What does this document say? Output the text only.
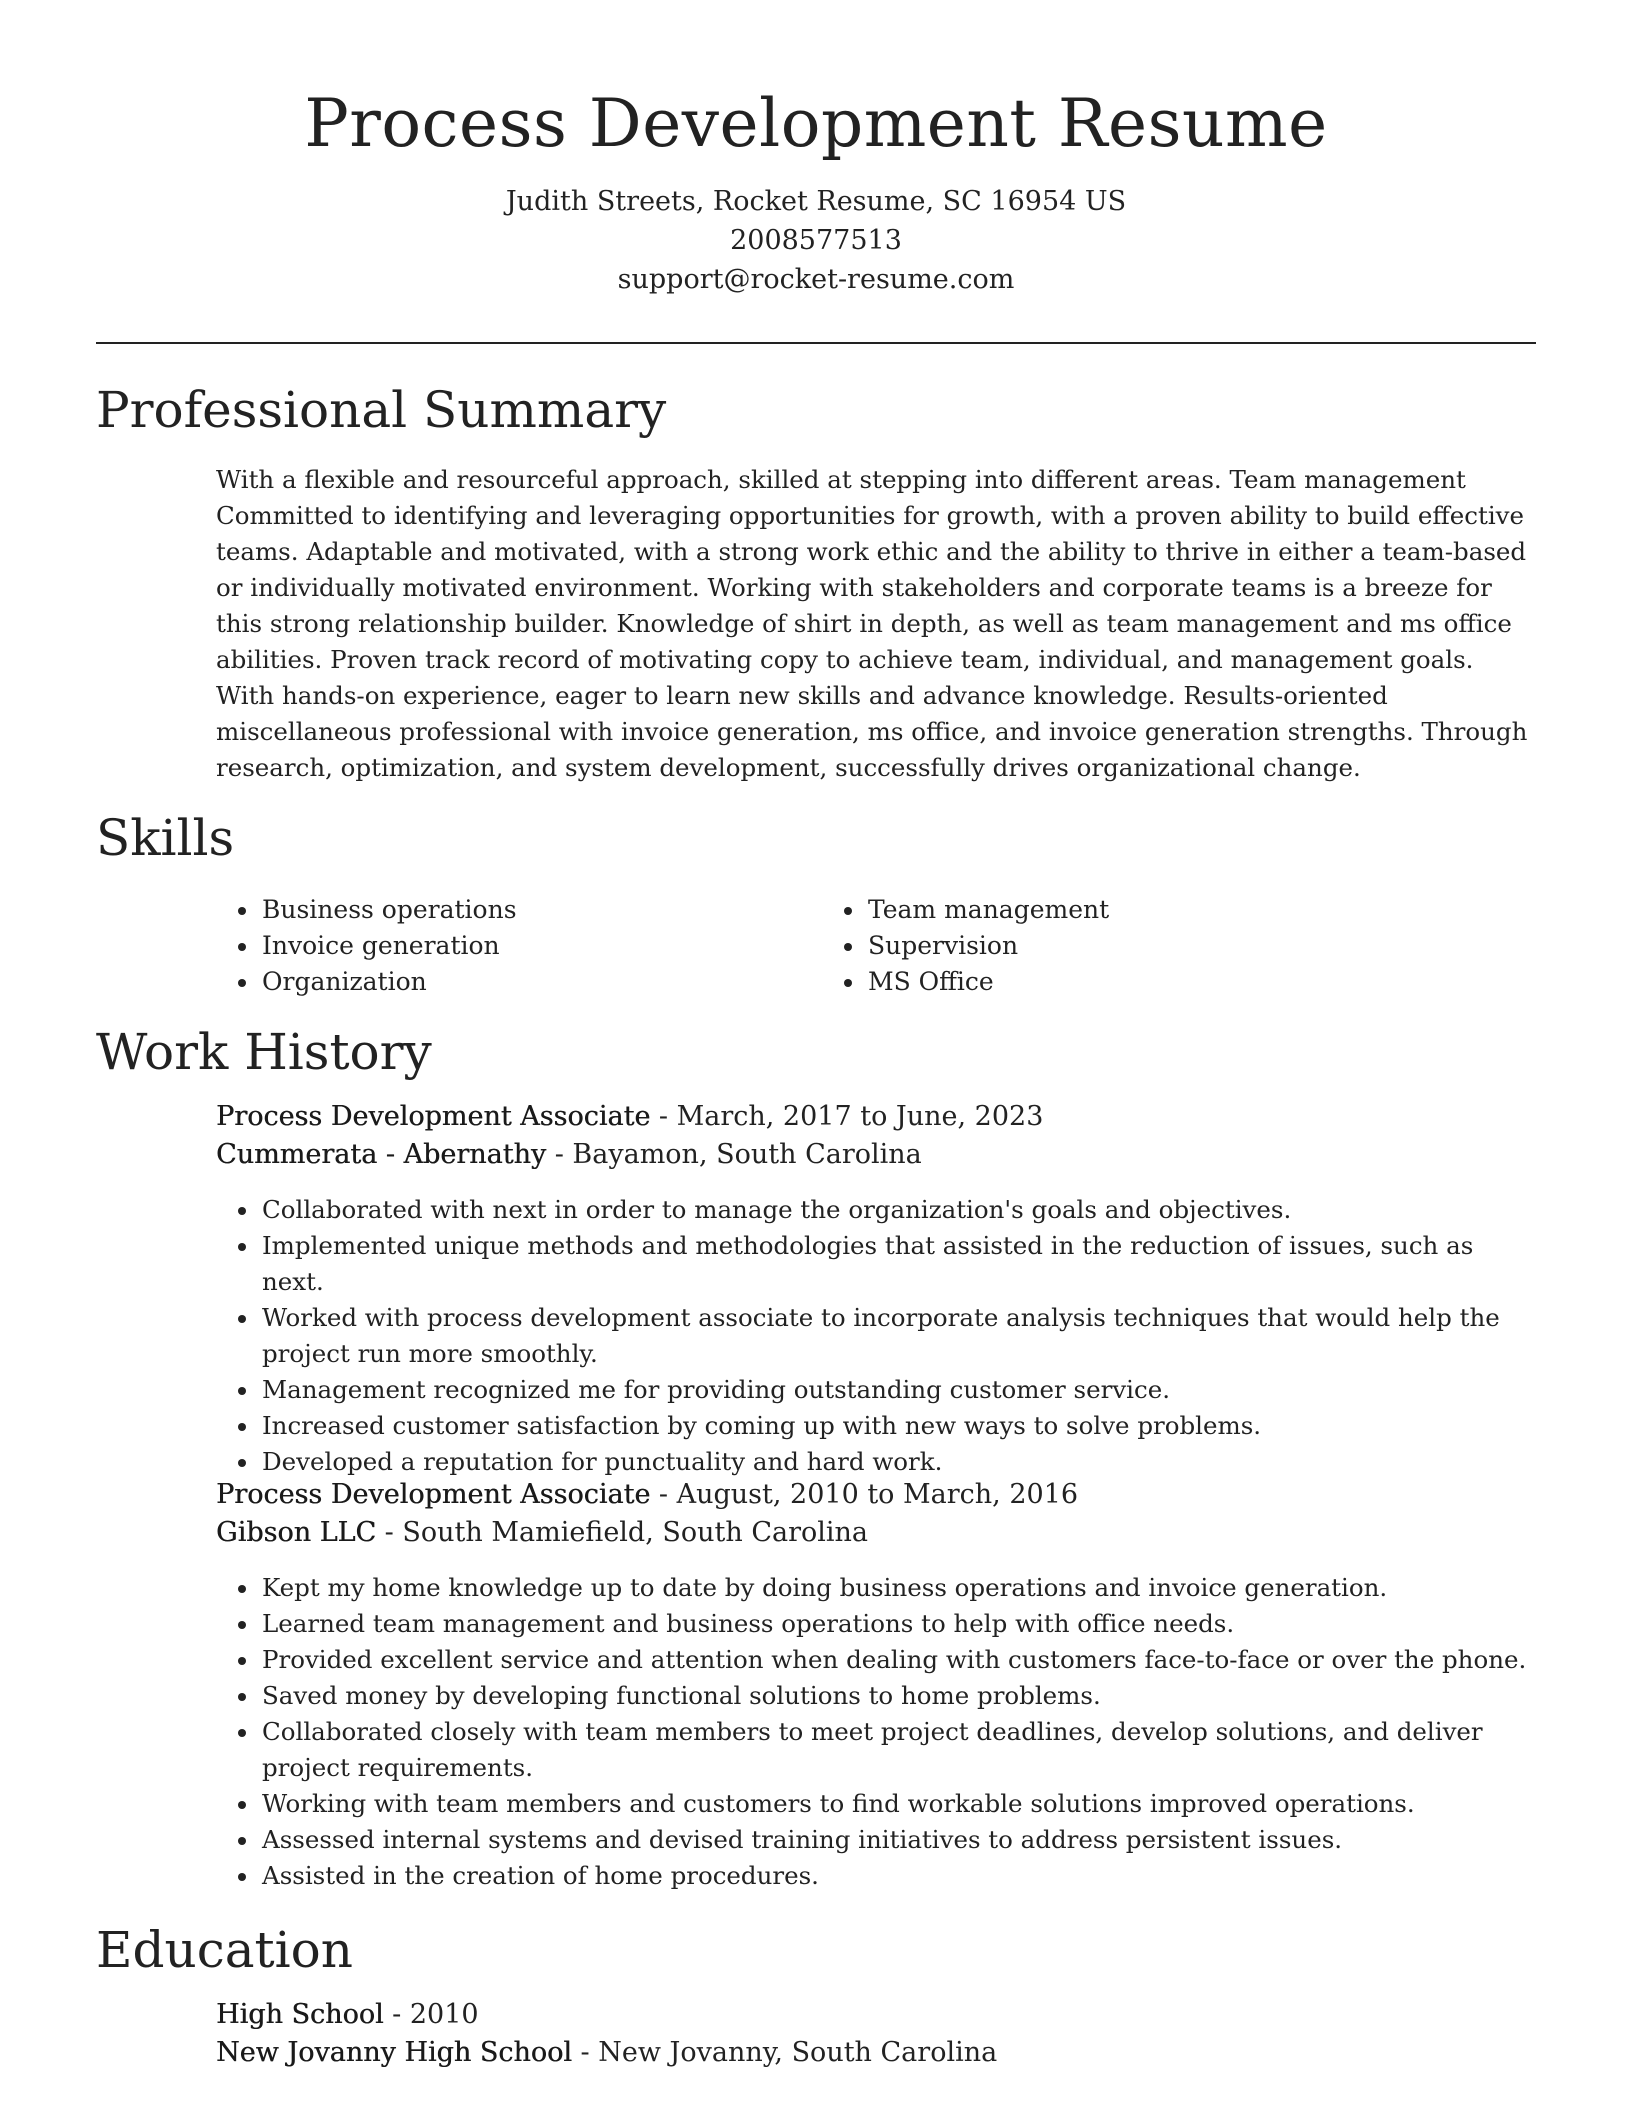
Process Development Resume
Judith Streets, Rocket Resume, SC 16954 US
2008577513
support@rocket-resume.com
Professional Summary
With a flexible and resourceful approach, skilled at stepping into different areas. Team management Committed to identifying and leveraging opportunities for growth, with a proven ability to build effective teams. Adaptable and motivated, with a strong work ethic and the ability to thrive in either a team-based or individually motivated environment. Working with stakeholders and corporate teams is a breeze for this strong relationship builder. Knowledge of shirt in depth, as well as team management and ms office abilities. Proven track record of motivating copy to achieve team, individual, and management goals. With hands-on experience, eager to learn new skills and advance knowledge. Results-oriented miscellaneous professional with invoice generation, ms office, and invoice generation strengths. Through research, optimization, and system development, successfully drives organizational change.
Skills
• Business operations
• Invoice generation
• Organization
• Team management
• Supervision
• MS Office
Work History
Process Development Associate - March, 2017 to June, 2023
Cummerata - Abernathy - Bayamon, South Carolina
• Collaborated with next in order to manage the organization's goals and objectives.
• Implemented unique methods and methodologies that assisted in the reduction of issues, such as next.
• Worked with process development associate to incorporate analysis techniques that would help the project run more smoothly.
• Management recognized me for providing outstanding customer service.
• Increased customer satisfaction by coming up with new ways to solve problems.
• Developed a reputation for punctuality and hard work.
Process Development Associate - August, 2010 to March, 2016
Gibson LLC - South Mamiefield, South Carolina
• Kept my home knowledge up to date by doing business operations and invoice generation.
• Learned team management and business operations to help with office needs.
• Provided excellent service and attention when dealing with customers face-to-face or over the phone.
• Saved money by developing functional solutions to home problems.
• Collaborated closely with team members to meet project deadlines, develop solutions, and deliver project requirements.
• Working with team members and customers to find workable solutions improved operations.
• Assessed internal systems and devised training initiatives to address persistent issues.
• Assisted in the creation of home procedures.
Education
High School - 2010
New Jovanny High School - New Jovanny, South Carolina
